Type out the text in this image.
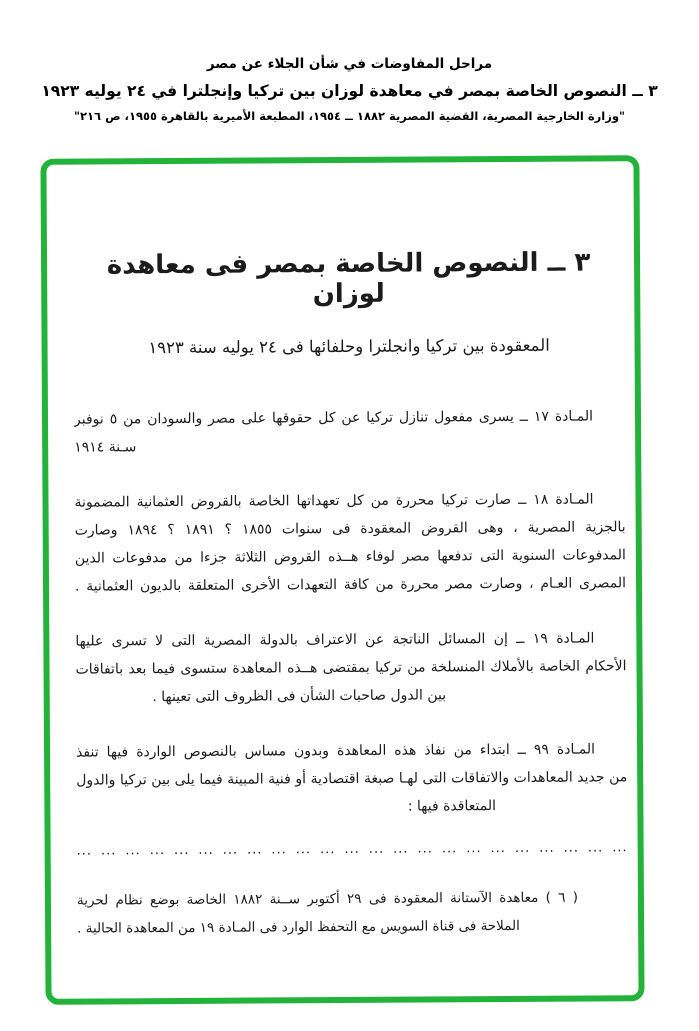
مراحل المفاوضات في شأن الجلاء عن مصر
٣ ــ النصوص الخاصة بمصر في معاهدة لوزان بين تركيا وإنجلترا في ٢٤ يوليه ١٩٢٣
"وزارة الخارجية المصرية، القضية المصرية ١٨٨٢ ــ ١٩٥٤، المطبعة الأميرية بالقاهرة ١٩٥٥، ص ٢١٦"
٣ ــ النصوص الخاصة بمصر فى معاهدة لوزان
المعقودة بين تركيا وانجلترا وحلفائها فى ٢٤ يوليه سنة ١٩٢٣
المـادة ١٧ ــ يسرى مفعول تنازل تركيا عن كل حقوقها على مصر والسودان من ٥ نوفبر
سـنة ١٩١٤
المـادة ١٨ ــ صارت تركيا محررة من كل تعهداتها الخاصة بالقروض العثمانية المضمونة
بالجزية المصرية ، وهى القروض المعقودة فى سنوات ١٨٥٥ ؟ ١٨٩١ ؟ ١٨٩٤ وصارت
المدفوعات السنوية التى تدفعها مصر لوفاء هــذه القروض الثلاثة جزءا من مدفوعات الدين
المصرى العـام ، وصارت مصر محررة من كافة التعهدات الأخرى المتعلقة بالديون العثمانية .
المـادة ١٩ ــ إن المسائل الناتجة عن الاعتراف بالدولة المصرية التى لا تسرى عليها
الأحكام الخاصة بالأملاك المنسلخة من تركيا بمقتضى هــذه المعاهدة ستسوى فيما بعد باتفاقات
بين الدول صاحبات الشأن فى الظروف التى تعينها .
المـادة ٩٩ ــ ابتداء من نفاذ هذه المعاهدة وبدون مساس بالنصوص الواردة فيها تنفذ
من جديد المعاهدات والاتفاقات التى لهـا صبغة اقتصادية أو فنية المبينة فيما يلى بين تركيا والدول
المتعاقدة فيها :
... ... ... ... ... ... ... ... ... ... ... ... ... ... ... ... ... ... ... ... ... ... ...
( ٦ ) معاهدة الآستانة المعقودة فى ٢٩ أكتوبر ســنة ١٨٨٢ الخاصة بوضع نظام لحرية
الملاحة فى قناة السويس مع التحفظ الوارد فى المـادة ١٩ من المعاهدة الحالية .
